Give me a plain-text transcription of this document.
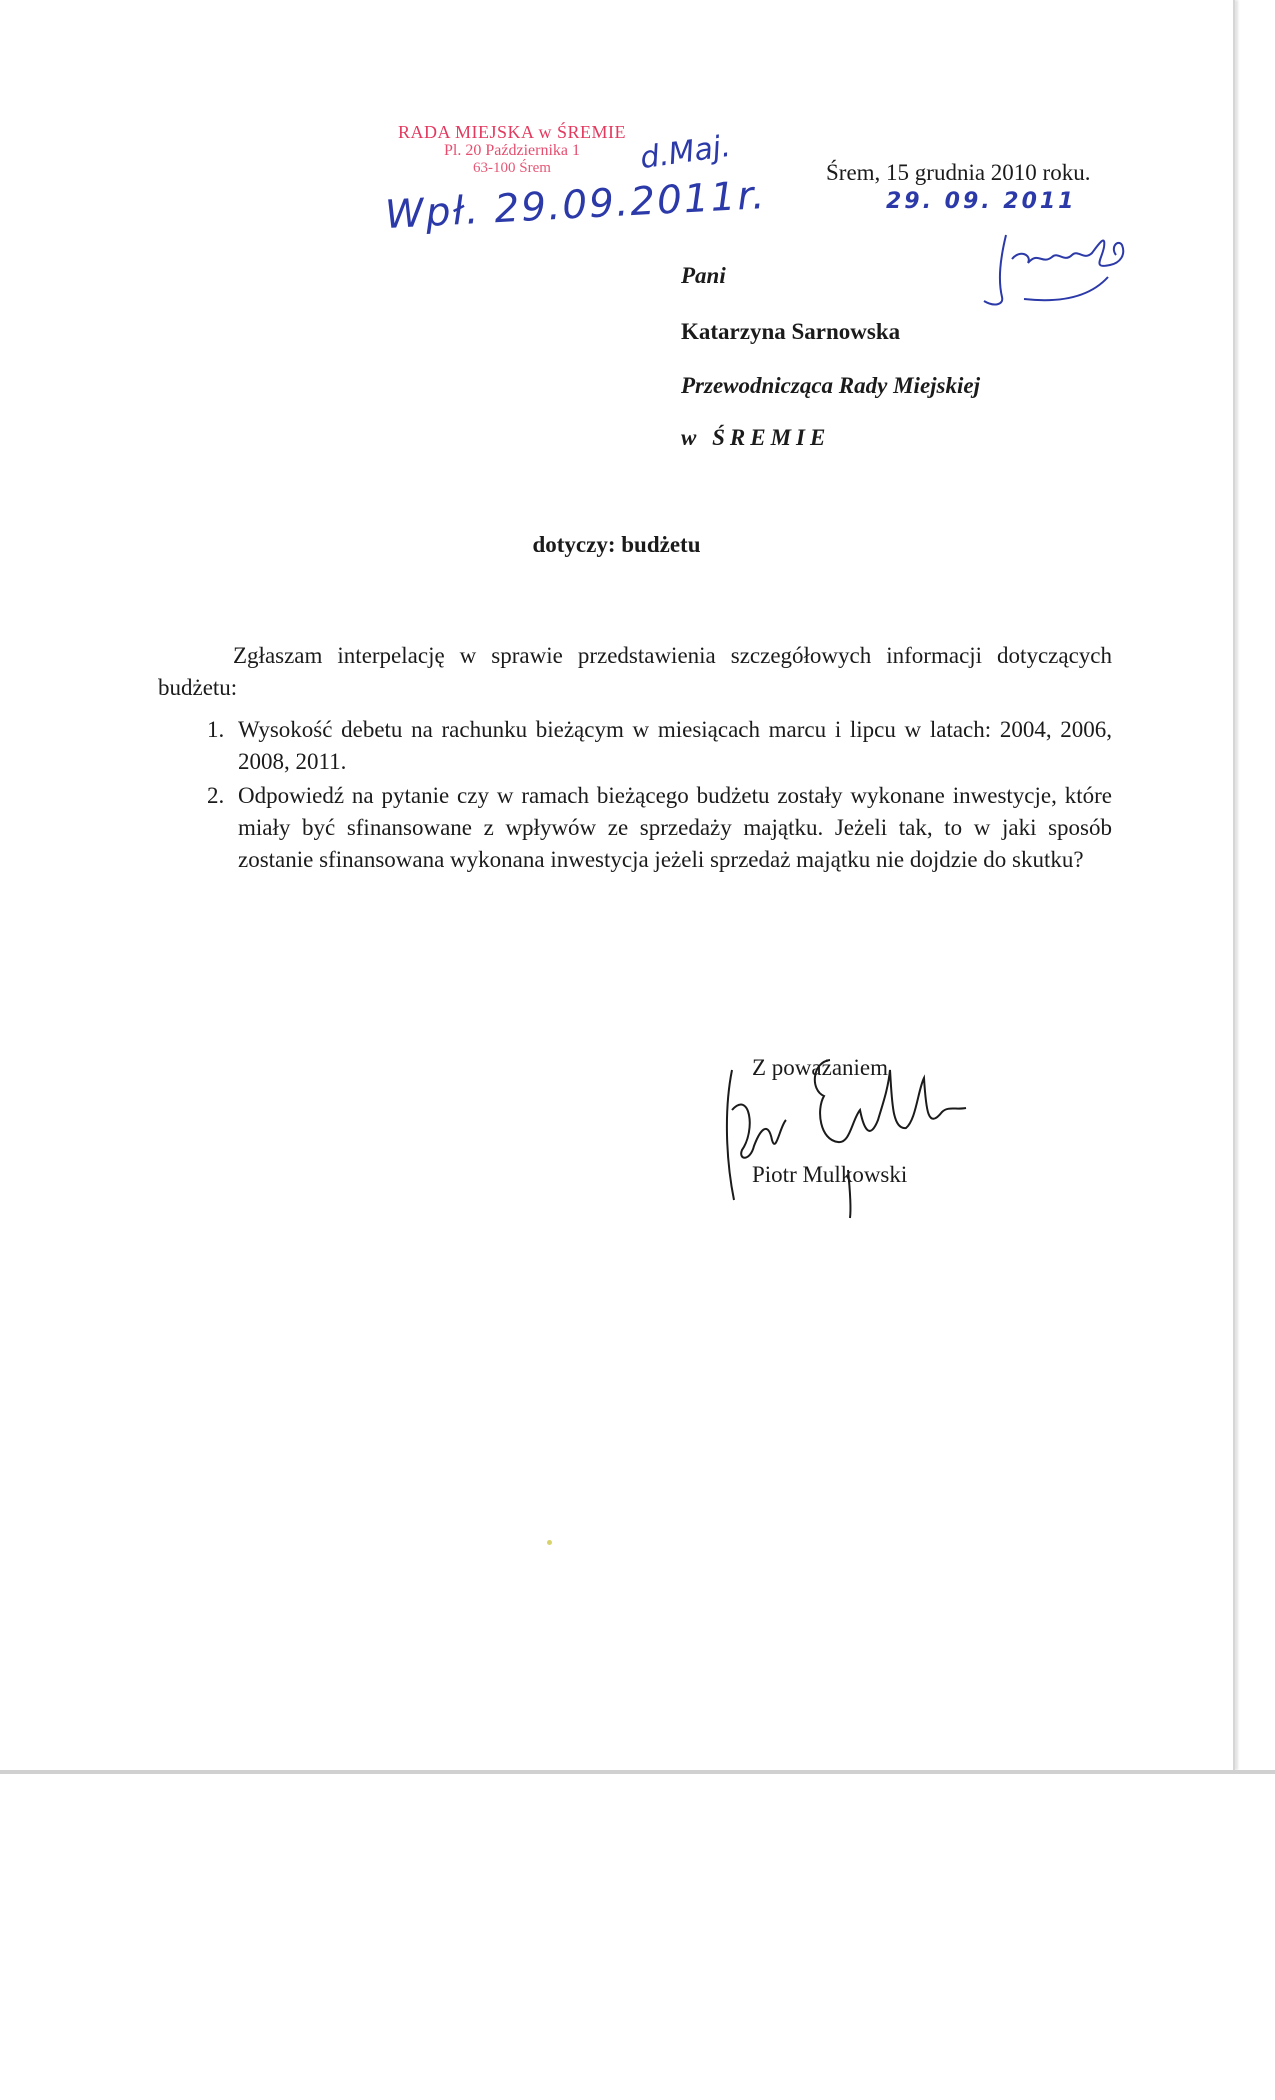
RADA MIEJSKA w ŚREMIE
Pl. 20 Października 1
63-100 Śrem
Wpł. 29.09.2011r.
d.Maj.	Śrem, 15 grudnia 2010 roku.
29. 09. 2011
Pani
Katarzyna Sarnowska
Przewodnicząca Rady Miejskiej
w ŚREMIE
dotyczy: budżetu

Zgłaszam interpelację w sprawie przedstawienia szczegółowych informacji dotyczących budżetu:

1. Wysokość debetu na rachunku bieżącym w miesiącach marcu i lipcu w latach: 2004, 2006, 2008, 2011.
2. Odpowiedź na pytanie czy w ramach bieżącego budżetu zostały wykonane inwestycje, które miały być sfinansowane z wpływów ze sprzedaży majątku. Jeżeli tak, to w jaki sposób zostanie sfinansowana wykonana inwestycja jeżeli sprzedaż majątku nie dojdzie do skutku?
Z poważaniem
Piotr Mulkowski
